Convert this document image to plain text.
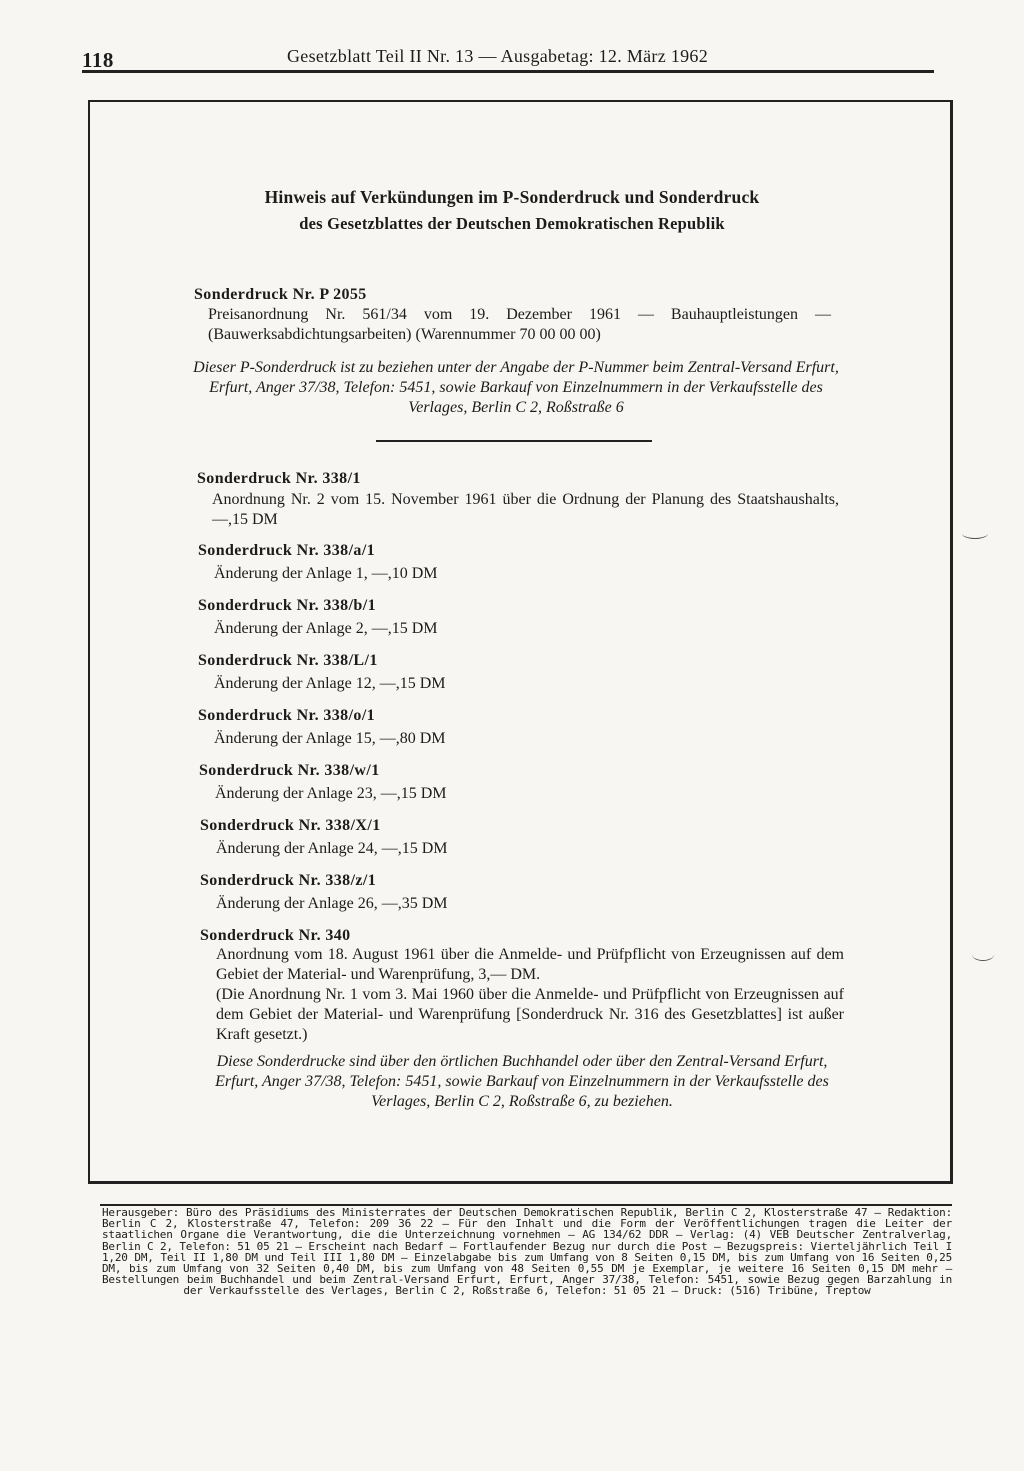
118	Gesetzblatt Teil II Nr. 13 — Ausgabetag: 12. März 1962
Hinweis auf Verkündungen im P-Sonderdruck und Sonderdruck
des Gesetzblattes der Deutschen Demokratischen Republik
Sonderdruck Nr. P 2055
Preisanordnung Nr. 561/34 vom 19. Dezember 1961 — Bauhauptleistungen — (Bauwerksabdichtungsarbeiten) (Warennummer 70 00 00 00)
Dieser P-Sonderdruck ist zu beziehen unter der Angabe der P-Nummer beim Zentral-Versand Erfurt, Erfurt, Anger 37/38, Telefon: 5451, sowie Barkauf von Einzelnummern in der Verkaufsstelle des Verlages, Berlin C 2, Roßstraße 6
Sonderdruck Nr. 338/1
Anordnung Nr. 2 vom 15. November 1961 über die Ordnung der Planung des Staatshaushalts, —,15 DM
Sonderdruck Nr. 338/a/1
Änderung der Anlage 1, —,10 DM
Sonderdruck Nr. 338/b/1
Änderung der Anlage 2, —,15 DM
Sonderdruck Nr. 338/L/1
Änderung der Anlage 12, —,15 DM
Sonderdruck Nr. 338/o/1
Änderung der Anlage 15, —,80 DM
Sonderdruck Nr. 338/w/1
Änderung der Anlage 23, —,15 DM
Sonderdruck Nr. 338/X/1
Änderung der Anlage 24, —,15 DM
Sonderdruck Nr. 338/z/1
Änderung der Anlage 26, —,35 DM
Sonderdruck Nr. 340
Anordnung vom 18. August 1961 über die Anmelde- und Prüfpflicht von Erzeugnissen auf dem Gebiet der Material- und Warenprüfung, 3,— DM.
(Die Anordnung Nr. 1 vom 3. Mai 1960 über die Anmelde- und Prüfpflicht von Erzeugnissen auf dem Gebiet der Material- und Warenprüfung [Sonderdruck Nr. 316 des Gesetzblattes] ist außer Kraft gesetzt.)
Diese Sonderdrucke sind über den örtlichen Buchhandel oder über den Zentral-Versand Erfurt, Erfurt, Anger 37/38, Telefon: 5451, sowie Barkauf von Einzelnummern in der Verkaufsstelle des Verlages, Berlin C 2, Roßstraße 6, zu beziehen.
Herausgeber: Büro des Präsidiums des Ministerrates der Deutschen Demokratischen Republik, Berlin C 2, Klosterstraße 47 — Redaktion: Berlin C 2, Klosterstraße 47, Telefon: 209 36 22 — Für den Inhalt und die Form der Veröffentlichungen tragen die Leiter der staatlichen Organe die Verantwortung, die die Unterzeichnung vornehmen — AG 134/62 DDR — Verlag: (4) VEB Deutscher Zentralverlag, Berlin C 2, Telefon: 51 05 21 — Erscheint nach Bedarf — Fortlaufender Bezug nur durch die Post — Bezugspreis: Vierteljährlich Teil I 1,20 DM, Teil II 1,80 DM und Teil III 1,80 DM — Einzelabgabe bis zum Umfang von 8 Seiten 0,15 DM, bis zum Umfang von 16 Seiten 0,25 DM, bis zum Umfang von 32 Seiten 0,40 DM, bis zum Umfang von 48 Seiten 0,55 DM je Exemplar, je weitere 16 Seiten 0,15 DM mehr — Bestellungen beim Buchhandel und beim Zentral-Versand Erfurt, Erfurt, Anger 37/38, Telefon: 5451, sowie Bezug gegen Barzahlung in der Verkaufsstelle des Verlages, Berlin C 2, Roßstraße 6, Telefon: 51 05 21 — Druck: (516) Tribüne, Treptow
